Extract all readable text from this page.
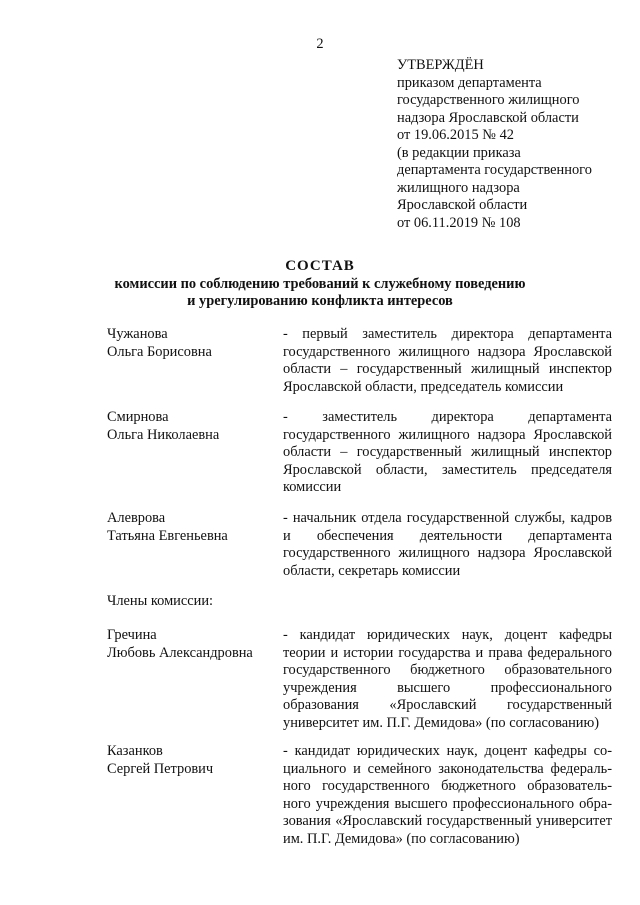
2
УТВЕРЖДЁН
приказом департамента
государственного жилищного
надзора Ярославской области
от 19.06.2015 № 42
(в редакции приказа
департамента государственного
жилищного надзора
Ярославской области
от 06.11.2019 № 108
СОСТАВ
комиссии по соблюдению требований к служебному поведению
и урегулированию конфликта интересов
Чужанова
Ольга Борисовна
- первый заместитель директора департамента
государственного жилищного надзора Ярославской
области – государственный жилищный инспектор
Ярославской области, председатель комиссии
Смирнова
Ольга Николаевна
- заместитель директора департамента
государственного жилищного надзора Ярославской
области – государственный жилищный инспектор
Ярославской области, заместитель председателя
комиссии
Алеврова
Татьяна Евгеньевна
- начальник отдела государственной службы, кадров
и обеспечения деятельности департамента
государственного жилищного надзора Ярославской
области, секретарь комиссии
Члены комиссии:
Гречина
Любовь Александровна
- кандидат юридических наук, доцент кафедры
теории и истории государства и права федерального
государственного бюджетного образовательного
учреждения высшего профессионального
образования «Ярославский государственный
университет им. П.Г. Демидова» (по согласованию)
Казанков
Сергей Петрович
- кандидат юридических наук, доцент кафедры со-
циального и семейного законодательства федераль-
ного государственного бюджетного образователь-
ного учреждения высшего профессионального обра-
зования «Ярославский государственный университет
им. П.Г. Демидова» (по согласованию)
